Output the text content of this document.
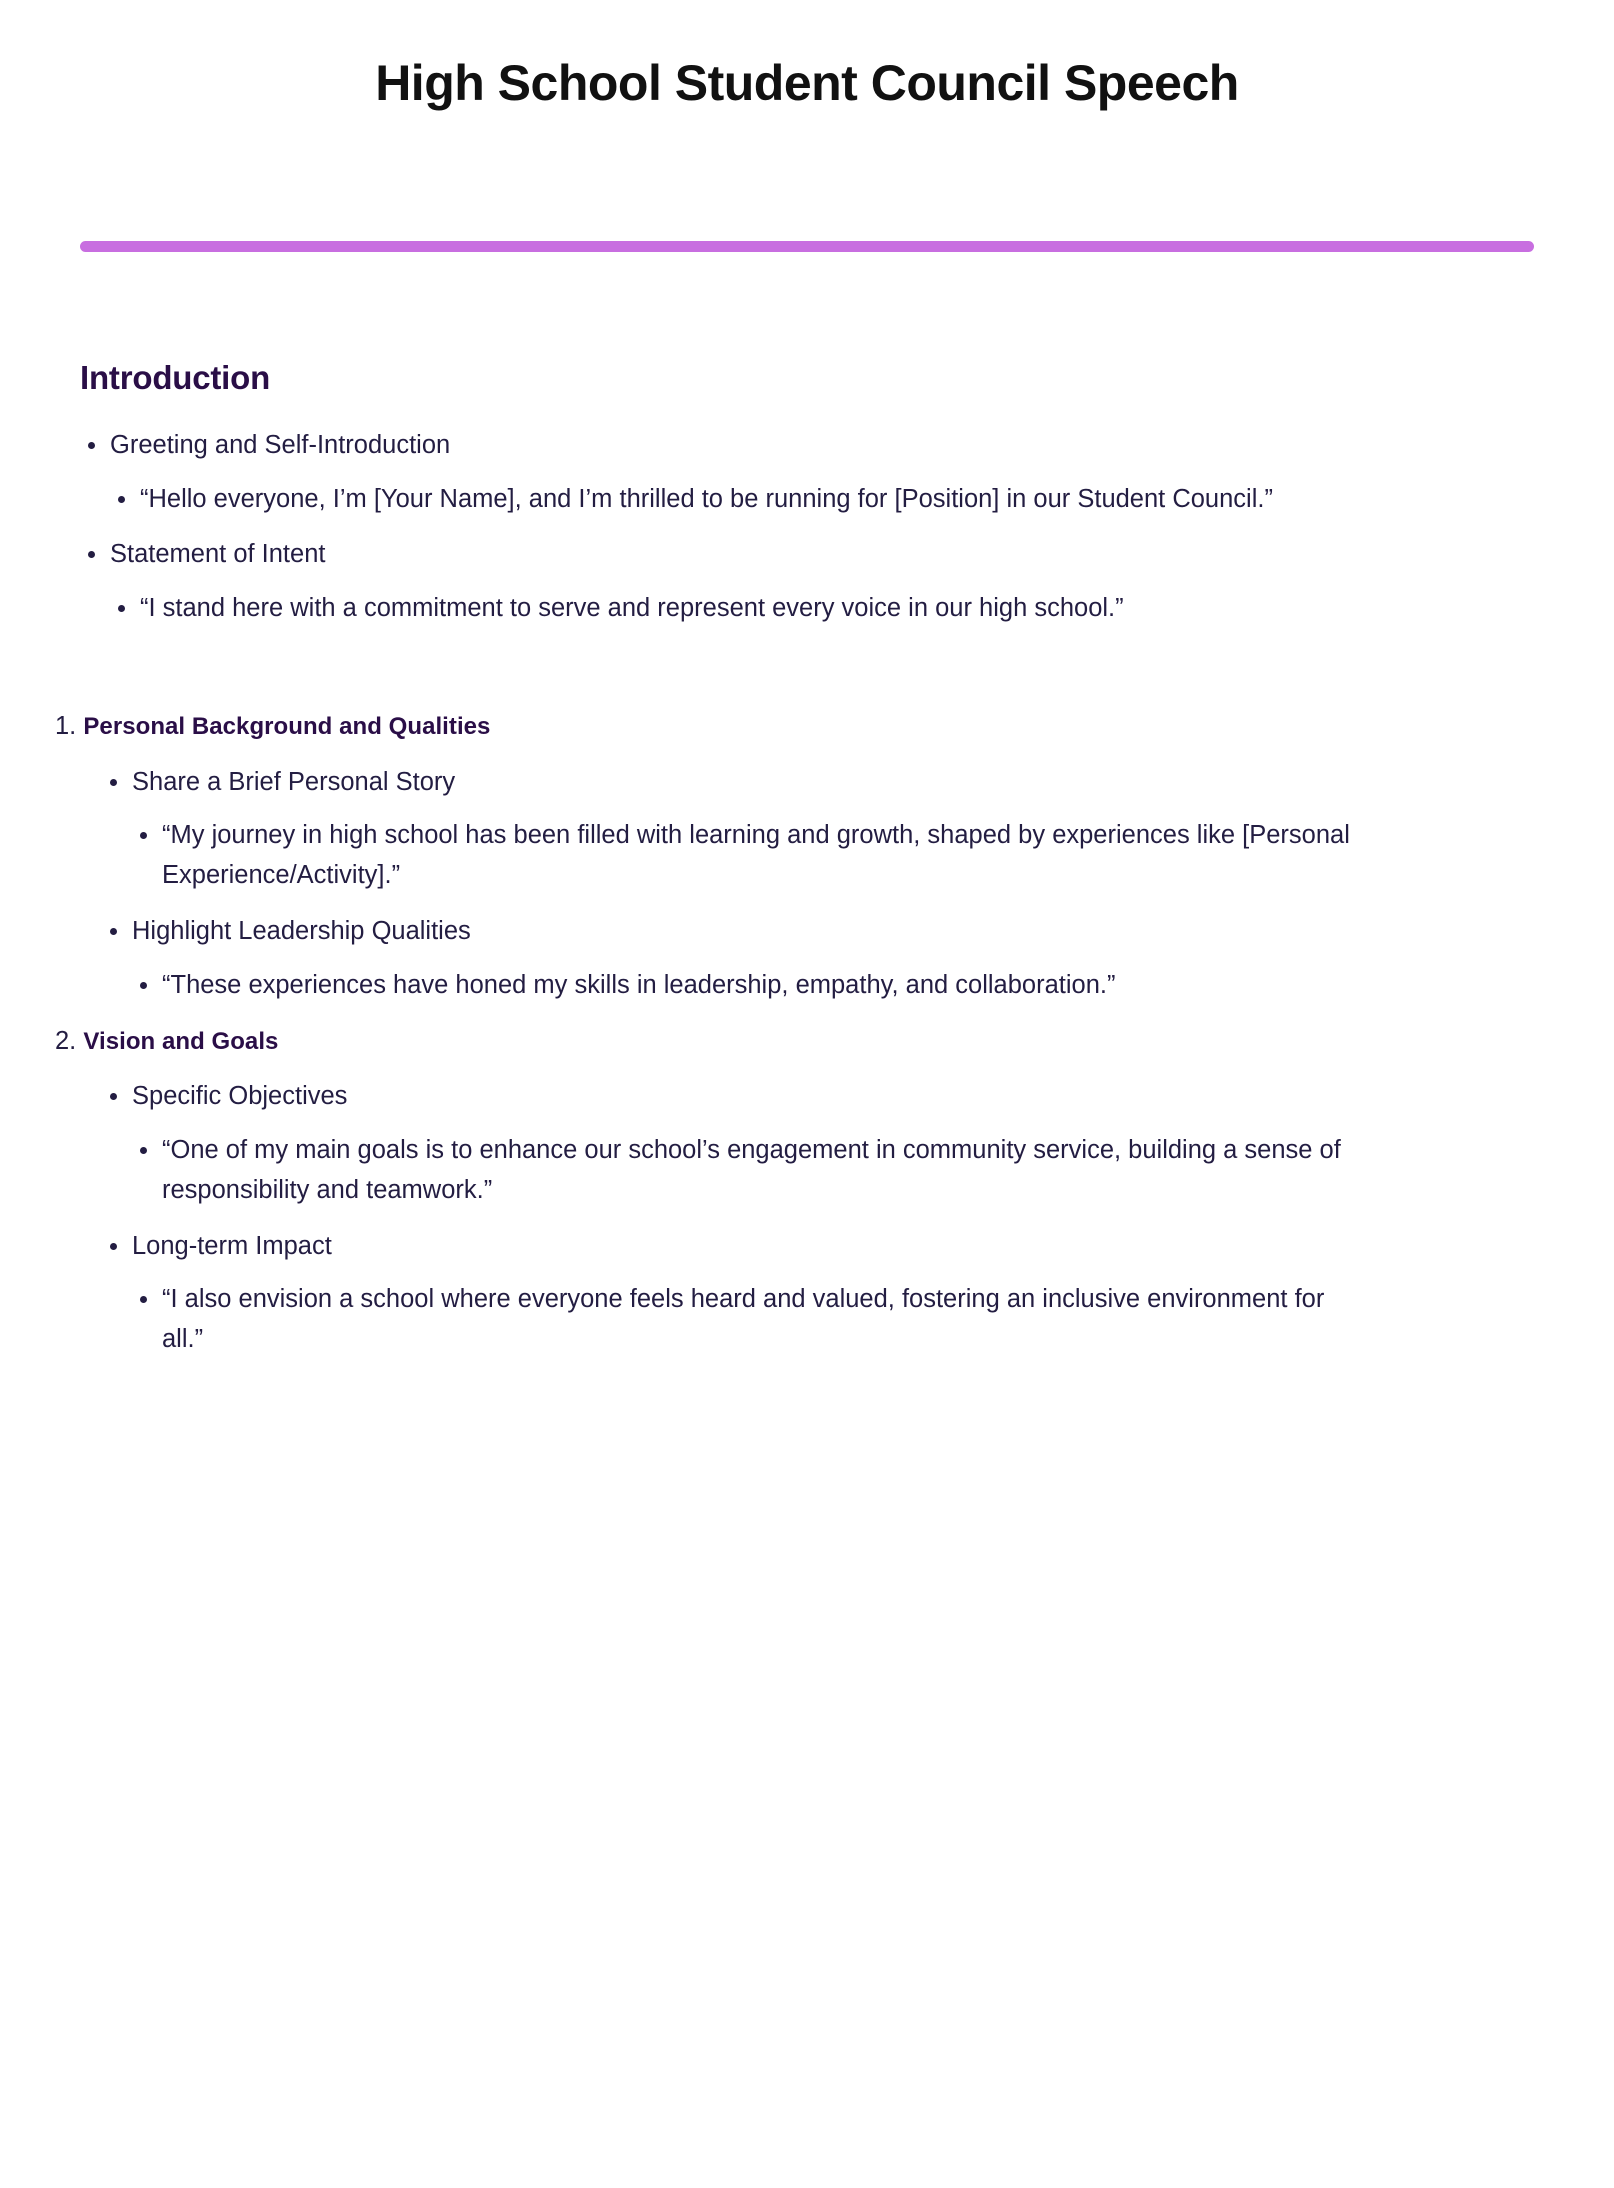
High School Student Council Speech
Introduction
Greeting and Self-Introduction
“Hello everyone, I’m [Your Name], and I’m thrilled to be running for [Position] in our Student Council.”
Statement of Intent
“I stand here with a commitment to serve and represent every voice in our high school.”
1. Personal Background and Qualities
Share a Brief Personal Story
“My journey in high school has been filled with learning and growth, shaped by experiences like [Personal Experience/Activity].”
Highlight Leadership Qualities
“These experiences have honed my skills in leadership, empathy, and collaboration.”
2. Vision and Goals
Specific Objectives
“One of my main goals is to enhance our school’s engagement in community service, building a sense of responsibility and teamwork.”
Long-term Impact
“I also envision a school where everyone feels heard and valued, fostering an inclusive environment for all.”
